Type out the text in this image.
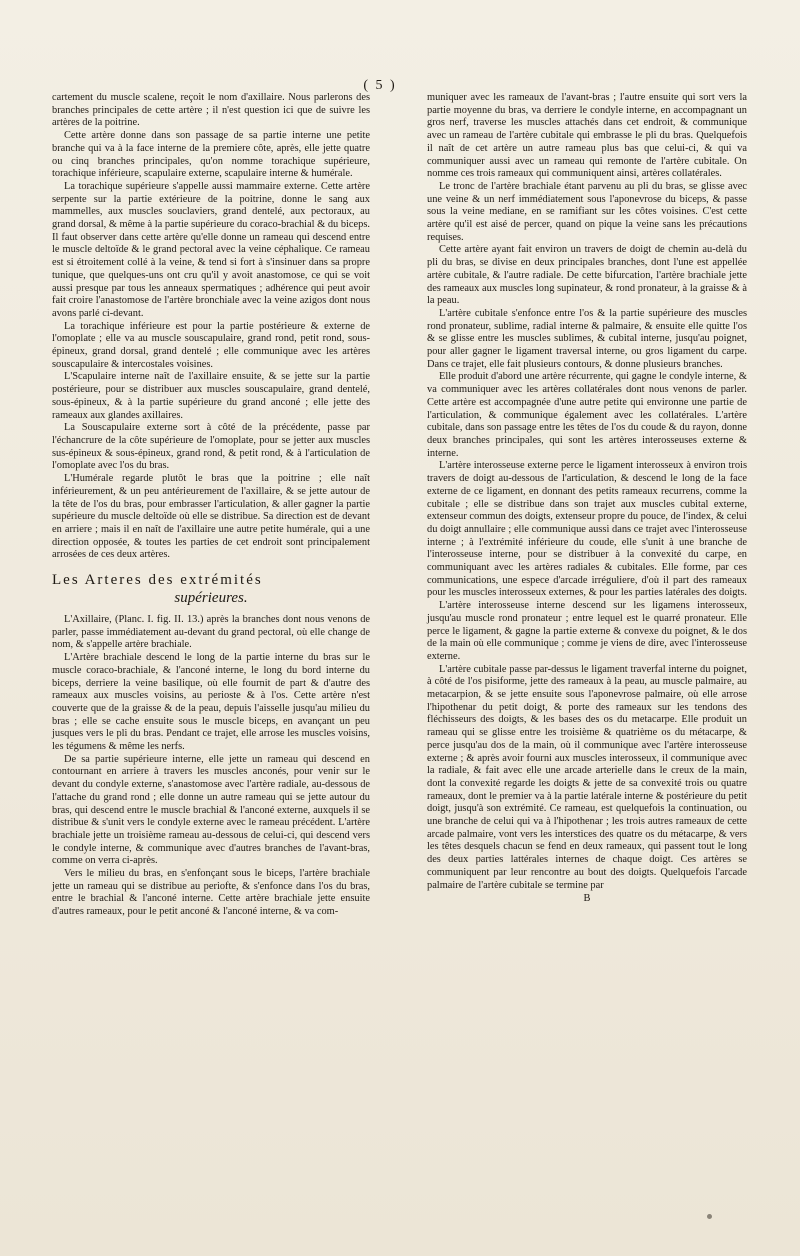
( 5 )

cartement du muscle scalene, reçoit le nom d'axillaire. Nous parlerons des branches principales de cette artère ; il n'est question ici que de suivre les artères de la poitrine.

Cette artère donne dans son passage de sa partie interne une petite branche qui va à la face interne de la premiere côte, après, elle jette quatre ou cinq branches principales, qu'on nomme torachique supérieure, torachique inférieure, scapulaire externe, scapulaire interne & humérale.

La torachique supérieure s'appelle aussi mammaire externe. Cette artère serpente sur la partie extérieure de la poitrine, donne le sang aux mammelles, aux muscles souclaviers, grand dentelé, aux pectoraux, au grand dorsal, & même à la partie supérieure du coraco-brachial & du biceps. Il faut observer dans cette artère qu'elle donne un rameau qui descend entre le muscle deltoïde & le grand pectoral avec la veine céphalique. Ce rameau est si étroitement collé à la veine, & tend si fort à s'insinuer dans sa propre tunique, que quelques-uns ont cru qu'il y avoit anastomose, ce qui se voit aussi presque par tous les anneaux spermatiques ; adhérence qui peut avoir fait croire l'anastomose de l'artère bronchiale avec la veine azigos dont nous avons parlé ci-devant.

La torachique inférieure est pour la partie postérieure & externe de l'omoplate ; elle va au muscle souscapulaire, grand rond, petit rond, sous-épineux, grand dorsal, grand dentelé ; elle communique avec les artères souscapulaire & intercostales voisines.

L'Scapulaire interne naît de l'axillaire ensuite, & se jette sur la partie postérieure, pour se distribuer aux muscles souscapulaire, grand dentelé, sous-épineux, & à la partie supérieure du grand anconé ; elle jette des rameaux aux glandes axillaires.

La Souscapulaire externe sort à côté de la précédente, passe par l'échancrure de la côte supérieure de l'omoplate, pour se jetter aux muscles sus-épineux & sous-épineux, grand rond, & petit rond, & à l'articulation de l'omoplate avec l'os du bras.

L'Humérale regarde plutôt le bras que la poitrine ; elle naît inférieurement, & un peu antérieurement de l'axillaire, & se jette autour de la tête de l'os du bras, pour embrasser l'articulation, & aller gagner la partie supérieure du muscle deltoïde où elle se distribue. Sa direction est de devant en arriere ; mais il en naît de l'axillaire une autre petite humérale, qui a une direction opposée, & toutes les parties de cet endroit sont principalement arrosées de ces deux artères.

Les Arteres des extrémités
supérieures.

L'Axillaire, (Planc. I. fig. II. 13.) après la branches dont nous venons de parler, passe immédiatement au-devant du grand pectoral, où elle change de nom, & s'appelle artère brachiale.

L'Artère brachiale descend le long de la partie interne du bras sur le muscle coraco-brachiale, & l'anconé interne, le long du bord interne du biceps, derriere la veine basilique, où elle fournit de part & d'autre des rameaux aux muscles voisins, au perioste & à l'os. Cette artère n'est couverte que de la graisse & de la peau, depuis l'aisselle jusqu'au milieu du bras ; elle se cache ensuite sous le muscle biceps, en avançant un peu jusques vers le pli du bras. Pendant ce trajet, elle arrose les muscles voisins, les tégumens & même les nerfs.

De sa partie supérieure interne, elle jette un rameau qui descend en contournant en arriere à travers les muscles anconés, pour venir sur le devant du condyle externe, s'anastomose avec l'artère radiale, au-dessous de l'attache du grand rond ; elle donne un autre rameau qui se jette autour du bras, qui descend entre le muscle brachial & l'anconé externe, auxquels il se distribue & s'unit vers le condyle externe avec le rameau précédent. L'artère brachiale jette un troisième rameau au-dessous de celui-ci, qui descend vers le condyle interne, & communique avec d'autres branches de l'avant-bras, comme on verra ci-après.

Vers le milieu du bras, en s'enfonçant sous le biceps, l'artère brachiale jette un rameau qui se distribue au periofte, & s'enfonce dans l'os du bras, entre le brachial & l'anconé interne. Cette artère brachiale jette ensuite d'autres rameaux, pour le petit anconé & l'anconé interne, & va com-

muniquer avec les rameaux de l'avant-bras ; l'autre ensuite qui sort vers la partie moyenne du bras, va derriere le condyle interne, en accompagnant un gros nerf, traverse les muscles attachés dans cet endroit, & communique avec un rameau de l'artère cubitale qui embrasse le pli du bras. Quelquefois il naît de cet artère un autre rameau plus bas que celui-ci, & qui va communiquer aussi avec un rameau qui remonte de l'artère cubitale. On nomme ces trois rameaux qui communiquent ainsi, artères collatérales.

Le tronc de l'artère brachiale étant parvenu au pli du bras, se glisse avec une veine & un nerf immédiatement sous l'aponevrose du biceps, & passe sous la veine mediane, en se ramifiant sur les côtes voisines. C'est cette artère qu'il est aisé de percer, quand on pique la veine sans les précautions requises.

Cette artère ayant fait environ un travers de doigt de chemin au-delà du pli du bras, se divise en deux principales branches, dont l'une est appellée artère cubitale, & l'autre radiale. De cette bifurcation, l'artère brachiale jette des rameaux aux muscles long supinateur, & rond pronateur, à la graisse & à la peau.

L'artère cubitale s'enfonce entre l'os & la partie supérieure des muscles rond pronateur, sublime, radial interne & palmaire, & ensuite elle quitte l'os & se glisse entre les muscles sublimes, & cubital interne, jusqu'au poignet, pour aller gagner le ligament traversal interne, ou gros ligament du carpe. Dans ce trajet, elle fait plusieurs contours, & donne plusieurs branches.

Elle produit d'abord une artère récurrente, qui gagne le condyle interne, & va communiquer avec les artères collatérales dont nous venons de parler. Cette artère est accompagnée d'une autre petite qui environne une partie de l'articulation, & communique également avec les collatérales. L'artère cubitale, dans son passage entre les têtes de l'os du coude & du rayon, donne deux branches principales, qui sont les artères interosseuses externe & interne.

L'artère interosseuse externe perce le ligament interosseux à environ trois travers de doigt au-dessous de l'articulation, & descend le long de la face externe de ce ligament, en donnant des petits rameaux recurrens, comme la cubitale ; elle se distribue dans son trajet aux muscles cubital externe, extenseur commun des doigts, extenseur propre du pouce, de l'index, & celui du doigt annullaire ; elle communique aussi dans ce trajet avec l'interosseuse interne ; à l'extrémité inférieure du coude, elle s'unit à une branche de l'interosseuse interne, pour se distribuer à la convexité du carpe, en communiquant avec les artères radiales & cubitales. Elle forme, par ces communications, une espece d'arcade irréguliere, d'où il part des rameaux pour les muscles interosseux externes, & pour les parties latérales des doigts.

L'artère interosseuse interne descend sur les ligamens interosseux, jusqu'au muscle rond pronateur ; entre lequel est le quarré pronateur. Elle perce le ligament, & gagne la partie externe & convexe du poignet, & le dos de la main où elle communique ; comme je viens de dire, avec l'interosseuse externe.

L'artère cubitale passe par-dessus le ligament traverfal interne du poignet, à côté de l'os pisiforme, jette des rameaux à la peau, au muscle palmaire, au metacarpion, & se jette ensuite sous l'aponevrose palmaire, où elle arrose l'hipothenar du petit doigt, & porte des rameaux sur les tendons des fléchisseurs des doigts, & les bases des os du metacarpe. Elle produit un rameau qui se glisse entre les troisième & quatrième os du métacarpe, & perce jusqu'au dos de la main, où il communique avec l'artère interosseuse externe ; & après avoir fourni aux muscles interosseux, il communique avec la radiale, & fait avec elle une arcade arterielle dans le creux de la main, dont la convexité regarde les doigts & jette de sa convexité trois ou quatre rameaux, dont le premier va à la partie latérale interne & postérieure du petit doigt, jusqu'à son extrémité. Ce rameau, est quelquefois la continuation, ou une branche de celui qui va à l'hipothenar ; les trois autres rameaux de cette arcade palmaire, vont vers les interstices des quatre os du métacarpe, & vers les têtes desquels chacun se fend en deux rameaux, qui passent tout le long des deux parties lattérales internes de chaque doigt. Ces artères se communiquent par leur rencontre au bout des doigts. Quelquefois l'arcade palmaire de l'artère cubitale se termine par

B
